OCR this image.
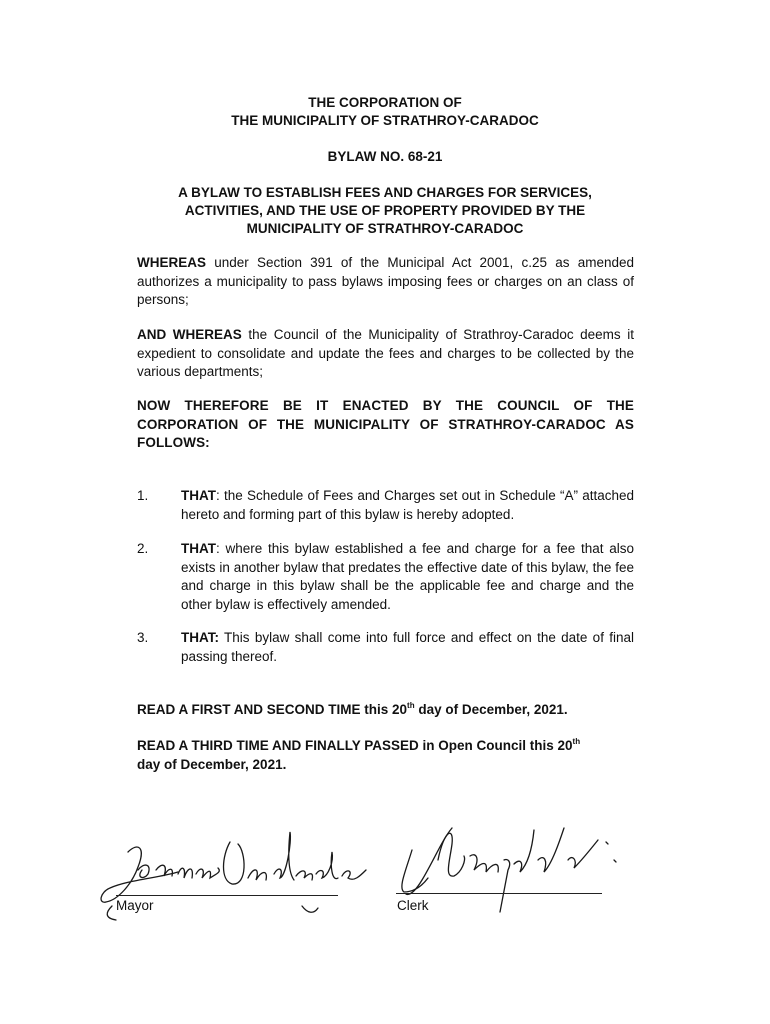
THE CORPORATION OF
THE MUNICIPALITY OF STRATHROY-CARADOC
BYLAW NO. 68-21
A BYLAW TO ESTABLISH FEES AND CHARGES FOR SERVICES,
ACTIVITIES, AND THE USE OF PROPERTY PROVIDED BY THE
MUNICIPALITY OF STRATHROY-CARADOC
WHEREAS under Section 391 of the Municipal Act 2001, c.25 as amended authorizes a municipality to pass bylaws imposing fees or charges on an class of persons;
AND WHEREAS the Council of the Municipality of Strathroy-Caradoc deems it expedient to consolidate and update the fees and charges to be collected by the various departments;
NOW THEREFORE BE IT ENACTED BY THE COUNCIL OF THE CORPORATION OF THE MUNICIPALITY OF STRATHROY-CARADOC AS FOLLOWS:
1. THAT: the Schedule of Fees and Charges set out in Schedule “A” attached hereto and forming part of this bylaw is hereby adopted.
2. THAT: where this bylaw established a fee and charge for a fee that also exists in another bylaw that predates the effective date of this bylaw, the fee and charge in this bylaw shall be the applicable fee and charge and the other bylaw is effectively amended.
3. THAT: This bylaw shall come into full force and effect on the date of final passing thereof.
READ A FIRST AND SECOND TIME this 20th day of December, 2021.
READ A THIRD TIME AND FINALLY PASSED in Open Council this 20th
day of December, 2021.
Mayor	Clerk
